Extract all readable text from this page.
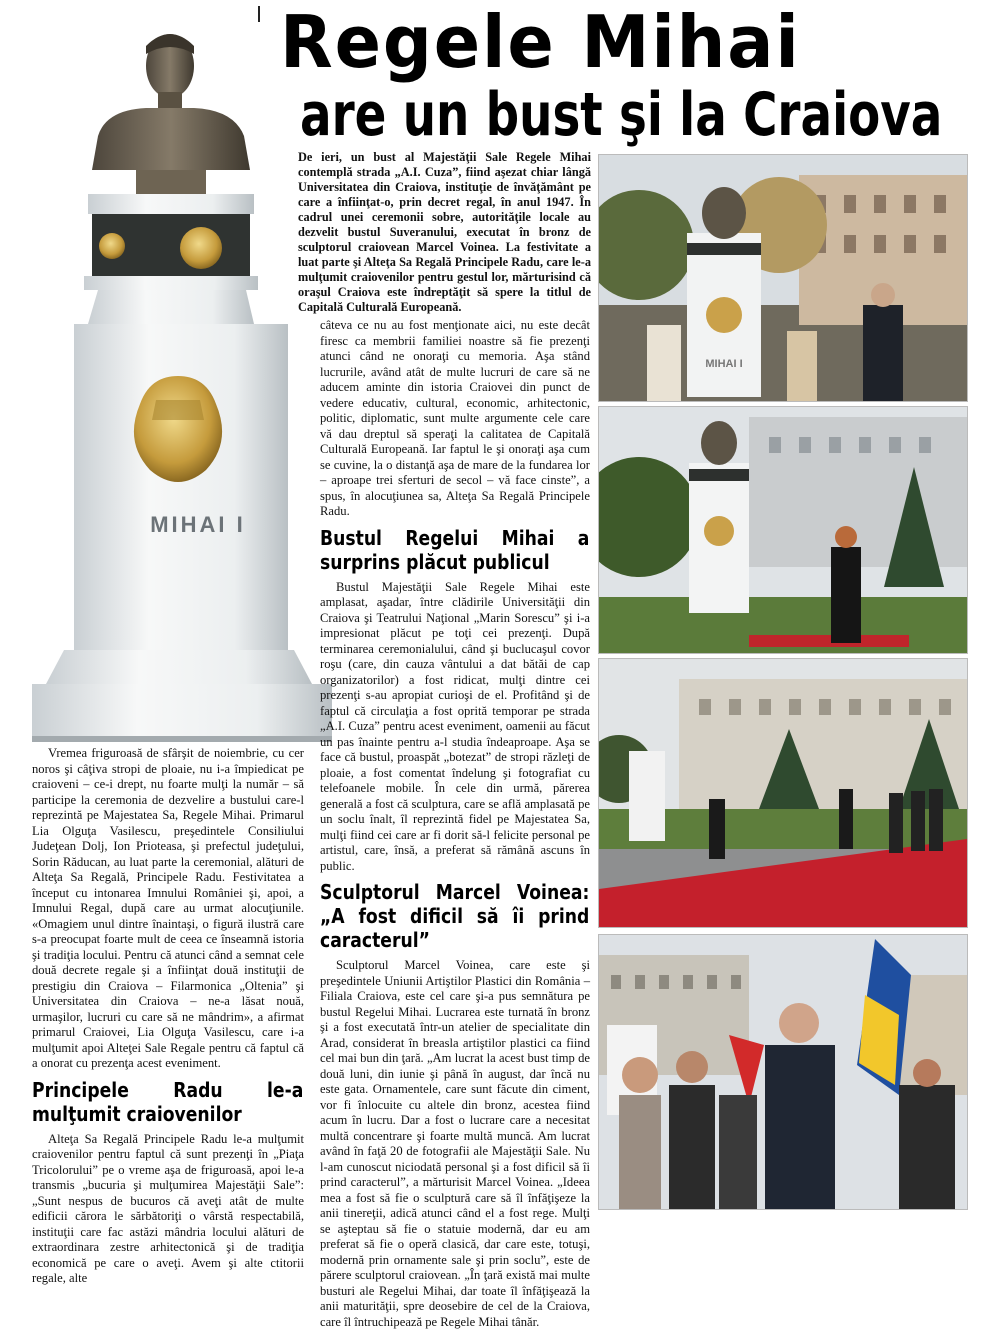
MIHAI I
Regele Mihai
are un bust şi la Craiova

De ieri, un bust al Majestăţii Sale Regele Mihai contemplă strada „A.I. Cuza”, fiind aşezat chiar lângă Universitatea din Craiova, instituţie de învăţământ pe care a înfiinţat-o, prin decret regal, în anul 1947. În cadrul unei ceremonii sobre, autorităţile locale au dezvelit bustul Suveranului, executat în bronz de sculptorul craiovean Marcel Voinea. La festivitate a luat parte şi Alteţa Sa Regală Principele Radu, care le-a mulţumit craiovenilor pentru gestul lor, mărturisind că oraşul Craiova este îndreptăţit să spere la titlul de Capitală Culturală Europeană.

Vremea friguroasă de sfârşit de noiembrie, cu cer noros şi câţiva stropi de ploaie, nu i-a împiedicat pe craioveni – ce-i drept, nu foarte mulţi la număr – să participe la ceremonia de dezvelire a bustului care-l reprezintă pe Majestatea Sa, Regele Mihai. Primarul Lia Olguţa Vasilescu, preşedintele Consiliului Judeţean Dolj, Ion Prioteasa, şi prefectul judeţului, Sorin Răducan, au luat parte la ceremonial, alături de Alteţa Sa Regală, Principele Radu. Festivitatea a început cu intonarea Imnului României şi, apoi, a Imnului Regal, după care au urmat alocuţiunile. «Omagiem unul dintre înaintaşi, o figură ilustră care s-a preocupat foarte mult de ceea ce înseamnă istoria şi tradiţia locului. Pentru că atunci când a semnat cele două decrete regale şi a înfiinţat două instituţii de prestigiu din Craiova – Filarmonica „Oltenia” şi Universitatea din Craiova – ne-a lăsat nouă, urmaşilor, lucruri cu care să ne mândrim», a afirmat primarul Craiovei, Lia Olguţa Vasilescu, care i-a mulţumit apoi Alteţei Sale Regale pentru că faptul că a onorat cu prezenţa acest eveniment.

Principele Radu le-a mulţumit craiovenilor

Alteţa Sa Regală Principele Radu le-a mulţumit craiovenilor pentru faptul că sunt prezenţi în „Piaţa Tricolorului” pe o vreme aşa de friguroasă, apoi le-a transmis „bucuria şi mulţumirea Majestăţii Sale”: „Sunt nespus de bucuros că aveţi atât de multe edificii cărora le sărbătoriţi o vârstă respectabilă, instituţii care fac astăzi mândria locului alături de extraordinara zestre arhitectonică şi de tradiţia economică pe care o aveţi. Avem şi alte ctitorii regale, alte

câteva ce nu au fost menţionate aici, nu este decât firesc ca membrii familiei noastre să fie prezenţi atunci când ne onoraţi cu memoria. Aşa stând lucrurile, având atât de multe lucruri de care să ne aducem aminte din istoria Craiovei din punct de vedere educativ, cultural, economic, arhitectonic, politic, diplomatic, sunt multe argumente cele care vă dau dreptul să speraţi la calitatea de Capitală Culturală Europeană. Iar faptul le şi onoraţi aşa cum se cuvine, la o distanţă aşa de mare de la fundarea lor – aproape trei sferturi de secol – vă face cinste”, a spus, în alocuţiunea sa, Alteţa Sa Regală Principele Radu.

Bustul Regelui Mihai a surprins plăcut publicul

Bustul Majestăţii Sale Regele Mihai este amplasat, aşadar, între clădirile Universităţii din Craiova şi Teatrului Naţional „Marin Sorescu” şi i-a impresionat plăcut pe toţi cei prezenţi. După terminarea ceremonialului, când şi buclucaşul covor roşu (care, din cauza vântului a dat bătăi de cap organizatorilor) a fost ridicat, mulţi dintre cei prezenţi s-au apropiat curioşi de el. Profitând şi de faptul că circulaţia a fost oprită temporar pe strada „A.I. Cuza” pentru acest eveniment, oamenii au făcut un pas înainte pentru a-l studia îndeaproape. Aşa se face că bustul, proaspăt „botezat” de stropi răzleţi de ploaie, a fost comentat îndelung şi fotografiat cu telefoanele mobile. În cele din urmă, părerea generală a fost că sculptura, care se află amplasată pe un soclu înalt, îl reprezintă fidel pe Majestatea Sa, mulţi fiind cei care ar fi dorit să-l felicite personal pe artistul, care, însă, a preferat să rămână ascuns în public.

Sculptorul Marcel Voinea: „A fost dificil să îi prind caracterul”

Sculptorul Marcel Voinea, care este şi preşedintele Uniunii Artiştilor Plastici din România – Filiala Craiova, este cel care şi-a pus semnătura pe bustul Regelui Mihai. Lucrarea este turnată în bronz şi a fost executată într-un atelier de specialitate din Arad, considerat în breasla artiştilor plastici ca fiind cel mai bun din ţară. „Am lucrat la acest bust timp de două luni, din iunie şi până în august, dar încă nu este gata. Ornamentele, care sunt făcute din ciment, vor fi înlocuite cu altele din bronz, acestea fiind acum în lucru. Dar a fost o lucrare care a necesitat multă concentrare şi foarte multă muncă. Am lucrat având în faţă 20 de fotografii ale Majestăţii Sale. Nu l-am cunoscut niciodată personal şi a fost dificil să îi prind caracterul”, a mărturisit Marcel Voinea. „Ideea mea a fost să fie o sculptură care să îl înfăţişeze la anii tinereţii, adică atunci când el a fost rege. Mulţi se aşteptau să fie o statuie modernă, dar eu am preferat să fie o operă clasică, dar care este, totuşi, modernă prin ornamente sale şi prin soclu”, este de părere sculptorul craiovean. „În ţară există mai multe busturi ale Regelui Mihai, dar toate îl înfăţişează la anii maturităţii, spre deosebire de cel de la Craiova, care îl întruchipează pe Regele Mihai tânăr.

MIHAI I
